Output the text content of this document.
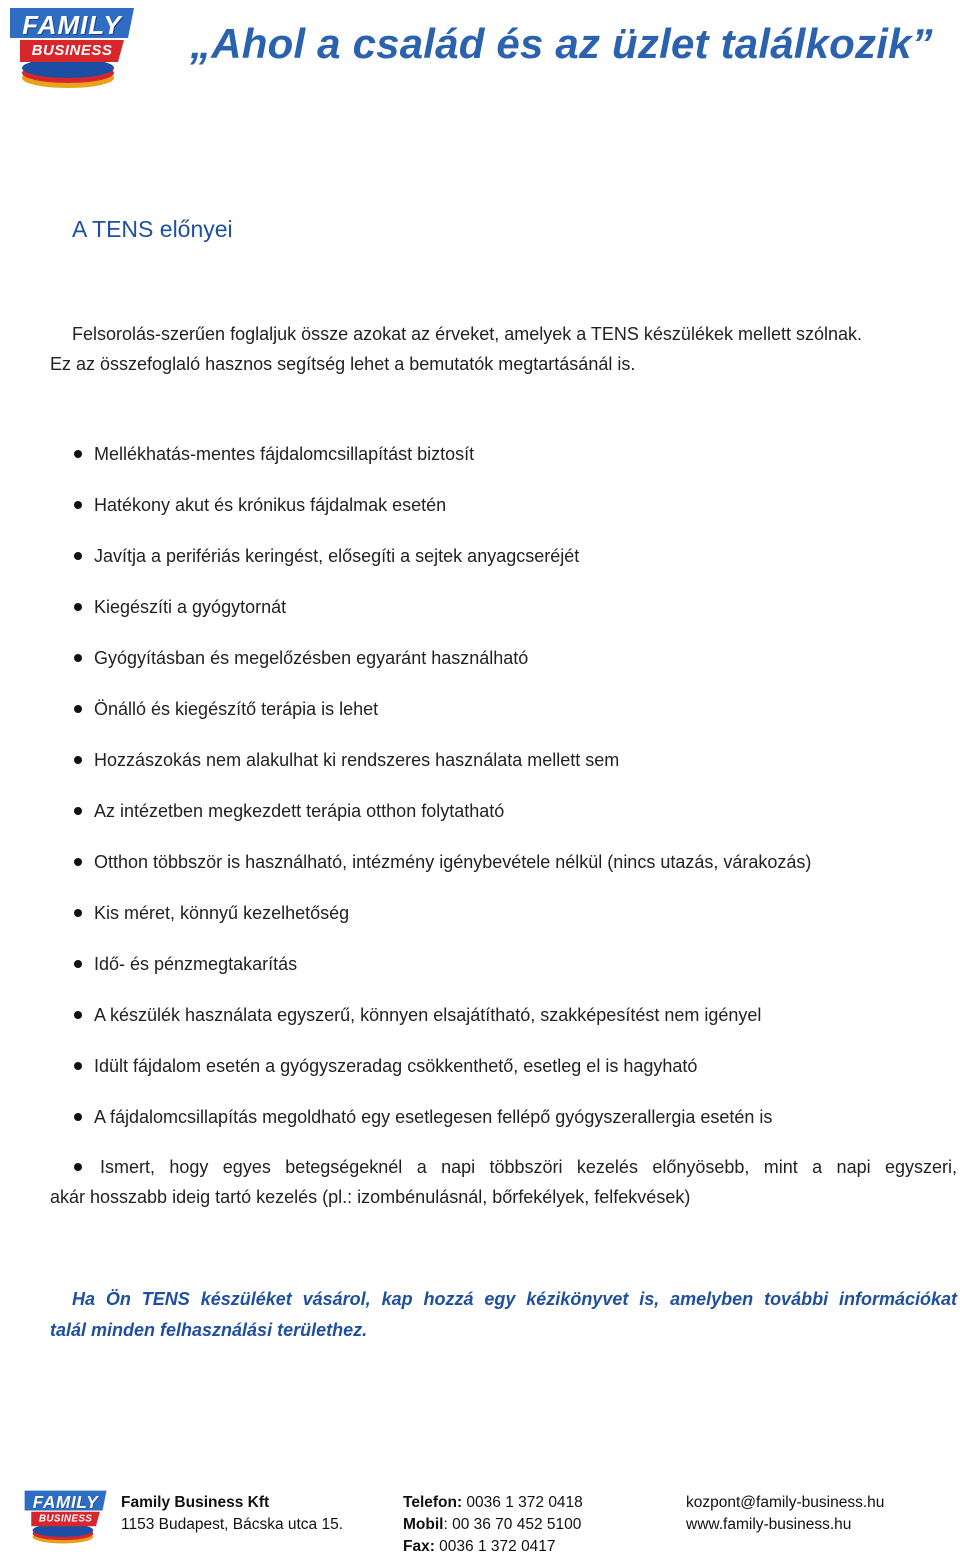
FAMILY
BUSINESS	„Ahol a család és az üzlet találkozik”
A TENS előnyei

Felsorolás-szerűen foglaljuk össze azokat az érveket, amelyek a TENS készülékek mellett szólnak.

Ez az összefoglaló hasznos segítség lehet a bemutatók megtartásánál is.

Mellékhatás-mentes fájdalomcsillapítást biztosít
Hatékony akut és krónikus fájdalmak esetén
Javítja a perifériás keringést, elősegíti a sejtek anyagcseréjét
Kiegészíti a gyógytornát
Gyógyításban és megelőzésben egyaránt használható
Önálló és kiegészítő terápia is lehet
Hozzászokás nem alakulhat ki rendszeres használata mellett sem
Az intézetben megkezdett terápia otthon folytatható
Otthon többször is használható, intézmény igénybevétele nélkül (nincs utazás, várakozás)
Kis méret, könnyű kezelhetőség
Idő- és pénzmegtakarítás
A készülék használata egyszerű, könnyen elsajátítható, szakképesítést nem igényel
Idült fájdalom esetén a gyógyszeradag csökkenthető, esetleg el is hagyható
A fájdalomcsillapítás megoldható egy esetlegesen fellépő gyógyszerallergia esetén is
Ismert, hogy egyes betegségeknél a napi többszöri kezelés előnyösebb, mint a napi egyszeri,
akár hosszabb ideig tartó kezelés (pl.: izombénulásnál, bőrfekélyek, felfekvések)
Ha Ön TENS készüléket vásárol, kap hozzá egy kézikönyvet is, amelyben további információkat
talál minden felhasználási területhez.
FAMILY
BUSINESS
Family Business Kft
1153 Budapest, Bácska utca 15.
Telefon: 0036 1 372 0418
Mobil: 00 36 70 452 5100
Fax: 0036 1 372 0417
kozpont@family-business.hu
www.family-business.hu
